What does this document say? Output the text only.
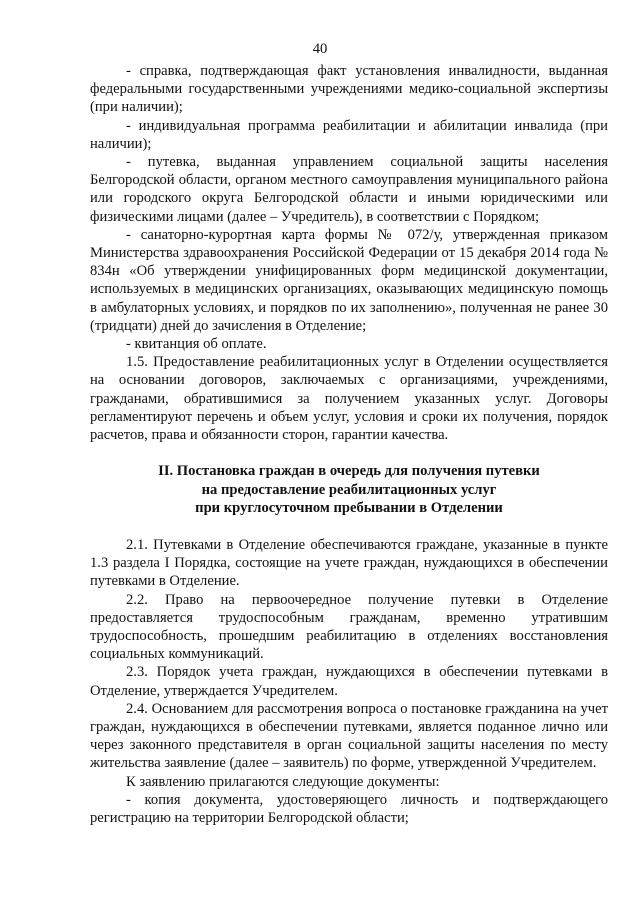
40

- справка, подтверждающая факт установления инвалидности, выданная федеральными государственными учреждениями медико-социальной экспертизы (при наличии);

- индивидуальная программа реабилитации и абилитации инвалида (при наличии);

- путевка, выданная управлением социальной защиты населения Белгородской области, органом местного самоуправления муниципального района или городского округа Белгородской области и иными юридическими или физическими лицами (далее – Учредитель), в соответствии с Порядком;

- санаторно-курортная карта формы № 072/у, утвержденная приказом Министерства здравоохранения Российской Федерации от 15 декабря 2014 года № 834н «Об утверждении унифицированных форм медицинской документации, используемых в медицинских организациях, оказывающих медицинскую помощь в амбулаторных условиях, и порядков по их заполнению», полученная не ранее 30 (тридцати) дней до зачисления в Отделение;

- квитанция об оплате.

1.5. Предоставление реабилитационных услуг в Отделении осуществляется на основании договоров, заключаемых с организациями, учреждениями, гражданами, обратившимися за получением указанных услуг. Договоры регламентируют перечень и объем услуг, условия и сроки их получения, порядок расчетов, права и обязанности сторон, гарантии качества.

II. Постановка граждан в очередь для получения путевки
на предоставление реабилитационных услуг
при круглосуточном пребывании в Отделении

2.1. Путевками в Отделение обеспечиваются граждане, указанные в пункте 1.3 раздела I Порядка, состоящие на учете граждан, нуждающихся в обеспечении путевками в Отделение.

2.2. Право на первоочередное получение путевки в Отделение предоставляется трудоспособным гражданам, временно утратившим трудоспособность, прошедшим реабилитацию в отделениях восстановления социальных коммуникаций.

2.3. Порядок учета граждан, нуждающихся в обеспечении путевками в Отделение, утверждается Учредителем.

2.4. Основанием для рассмотрения вопроса о постановке гражданина на учет граждан, нуждающихся в обеспечении путевками, является поданное лично или через законного представителя в орган социальной защиты населения по месту жительства заявление (далее – заявитель) по форме, утвержденной Учредителем.

К заявлению прилагаются следующие документы:

- копия документа, удостоверяющего личность и подтверждающего регистрацию на территории Белгородской области;
